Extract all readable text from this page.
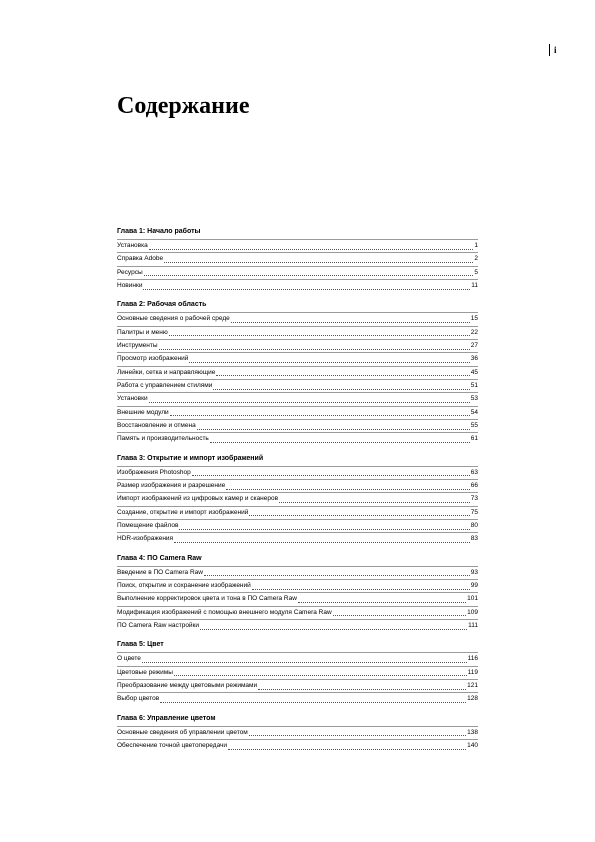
i
Содержание
Глава 1: Начало работы
Установка	1
Справка Adobe	2
Ресурсы	5
Новинки	11
Глава 2: Рабочая область
Основные сведения о рабочей среде	15
Палитры и меню	22
Инструменты	27
Просмотр изображений	36
Линейки, сетка и направляющие	45
Работа с управлением стилями	51
Установки	53
Внешние модули	54
Восстановление и отмена	55
Память и производительность	61
Глава 3: Открытие и импорт изображений
Изображения Photoshop	63
Размер изображения и разрешение	66
Импорт изображений из цифровых камер и сканеров	73
Создание, открытие и импорт изображений	75
Помещение файлов	80
HDR-изображения	83
Глава 4: ПО Camera Raw
Введение в ПО Camera Raw	93
Поиск, открытие и сохранение изображений	99
Выполнение корректировок цвета и тона в ПО Camera Raw	101
Модификация изображений с помощью внешнего модуля Camera Raw	109
ПО Camera Raw настройки	111
Глава 5: Цвет
О цвете	116
Цветовые режимы	119
Преобразование между цветовыми режимами	121
Выбор цветов	128
Глава 6: Управление цветом
Основные сведения об управлении цветом	138
Обеспечение точной цветопередачи	140
